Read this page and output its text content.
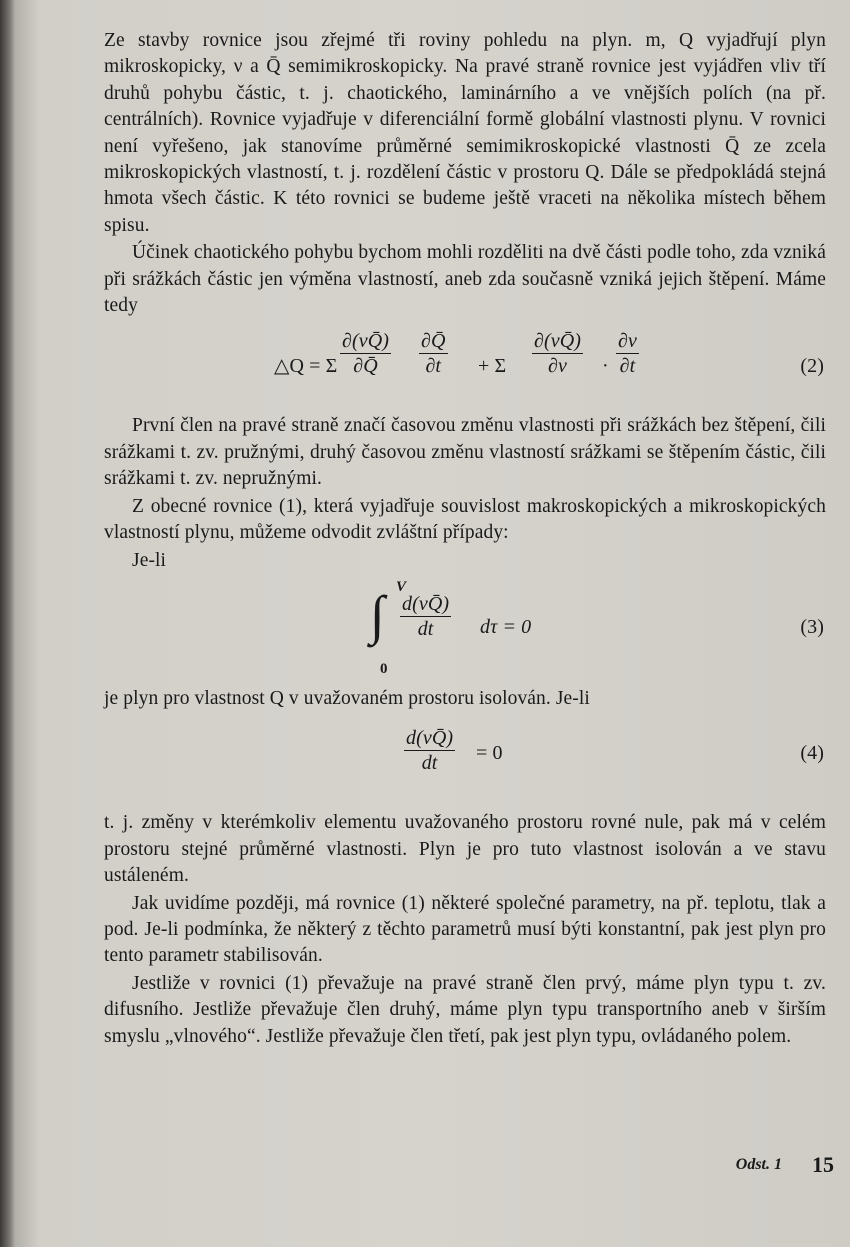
Ze stavby rovnice jsou zřejmé tři roviny pohledu na plyn. m, Q vyjadřují plyn mikroskopicky, ν a Q̄ semimikroskopicky. Na pravé straně rovnice jest vyjádřen vliv tří druhů pohybu částic, t. j. chaotického, laminárního a ve vnějších polích (na př. centrálních). Rovnice vyjadřuje v diferenciální formě globální vlastnosti plynu. V rovnici není vyřešeno, jak stanovíme průměrné semimikroskopické vlastnosti Q̄ ze zcela mikroskopických vlastností, t. j. rozdělení částic v prostoru Q. Dále se předpokládá stejná hmota všech částic. K této rovnici se budeme ještě vraceti na několika místech během spisu.

Účinek chaotického pohybu bychom mohli rozděliti na dvě části podle toho, zda vzniká při srážkách částic jen výměna vlastností, aneb zda současně vzniká jejich štěpení. Máme tedy

△Q = Σ $\frac{\partial(\nu Q̄)}{\partial Q̄} \frac{\partial Q̄}{\partial t} + \Sigma \frac{\partial(\nu Q̄)}{\partial\nu} \cdot \frac{\partial\nu}{\partial t}$	(2)

První člen na pravé straně značí časovou změnu vlastnosti při srážkách bez štěpení, čili srážkami t. zv. pružnými, druhý časovou změnu vlastností srážkami se štěpením částic, čili srážkami t. zv. nepružnými.

Z obecné rovnice (1), která vyjadřuje souvislost makroskopických a mikroskopických vlastností plynu, můžeme odvodit zvláštní případy:

Je-li

V
∫
0
$\frac{d(\nu Q̄)}{dt}$ dτ = 0	(3)

je plyn pro vlastnost Q v uvažovaném prostoru isolován. Je-li

$\frac{d(\nu Q̄)}{dt} = 0$	(4)

t. j. změny v kterémkoliv elementu uvažovaného prostoru rovné nule, pak má v celém prostoru stejné průměrné vlastnosti. Plyn je pro tuto vlastnost isolován a ve stavu ustáleném.

Jak uvidíme později, má rovnice (1) některé společné parametry, na př. teplotu, tlak a pod. Je-li podmínka, že některý z těchto parametrů musí býti konstantní, pak jest plyn pro tento parametr stabilisován.

Jestliže v rovnici (1) převažuje na pravé straně člen prvý, máme plyn typu t. zv. difusního. Jestliže převažuje člen druhý, máme plyn typu transportního aneb v širším smyslu „vlnového“. Jestliže převažuje člen třetí, pak jest plyn typu, ovládaného polem.

Odst. 1 15
